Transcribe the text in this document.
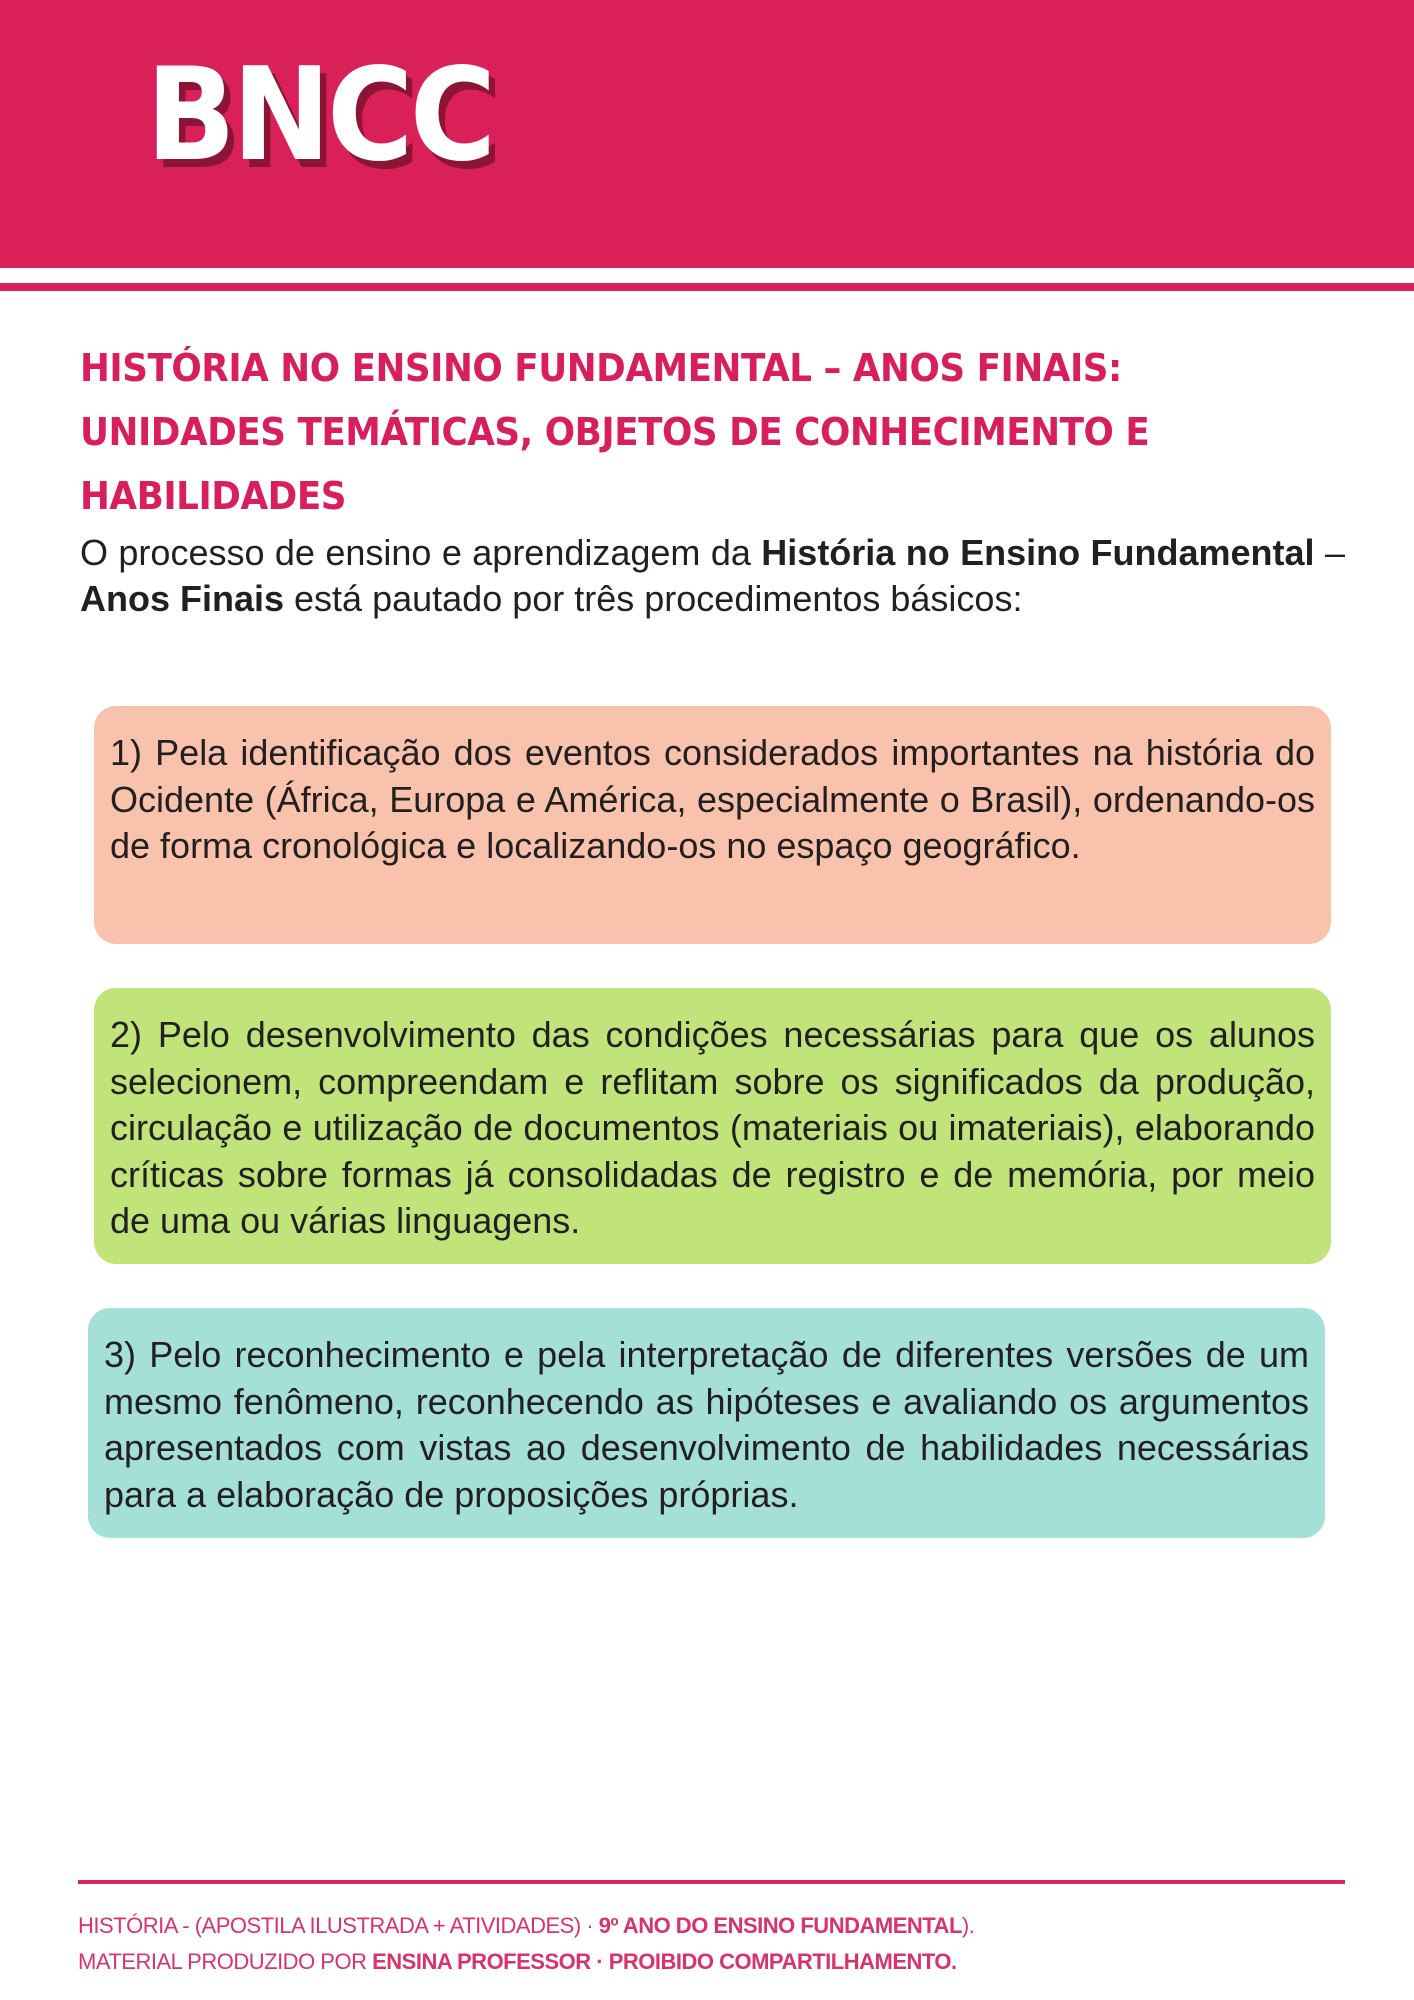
BNCC
HISTÓRIA NO ENSINO FUNDAMENTAL – ANOS FINAIS: UNIDADES TEMÁTICAS, OBJETOS DE CONHECIMENTO E HABILIDADES

O processo de ensino e aprendizagem da História no Ensino Fundamental – Anos Finais está pautado por três procedimentos básicos:

1) Pela identificação dos eventos considerados importantes na história do Ocidente (África, Europa e América, especialmente o Brasil), ordenando-os de forma cronológica e localizando-os no espaço geográfico.

2) Pelo desenvolvimento das condições necessárias para que os alunos selecionem, compreendam e reflitam sobre os significados da produção, circulação e utilização de documentos (materiais ou imateriais), elaborando críticas sobre formas já consolidadas de registro e de memória, por meio de uma ou várias linguagens.

3) Pelo reconhecimento e pela interpretação de diferentes versões de um mesmo fenômeno, reconhecendo as hipóteses e avaliando os argumentos apresentados com vistas ao desenvolvimento de habilidades necessárias para a elaboração de proposições próprias.

HISTÓRIA - (APOSTILA ILUSTRADA + ATIVIDADES) · 9º ANO DO ENSINO FUNDAMENTAL).
MATERIAL PRODUZIDO POR ENSINA PROFESSOR · PROIBIDO COMPARTILHAMENTO.
